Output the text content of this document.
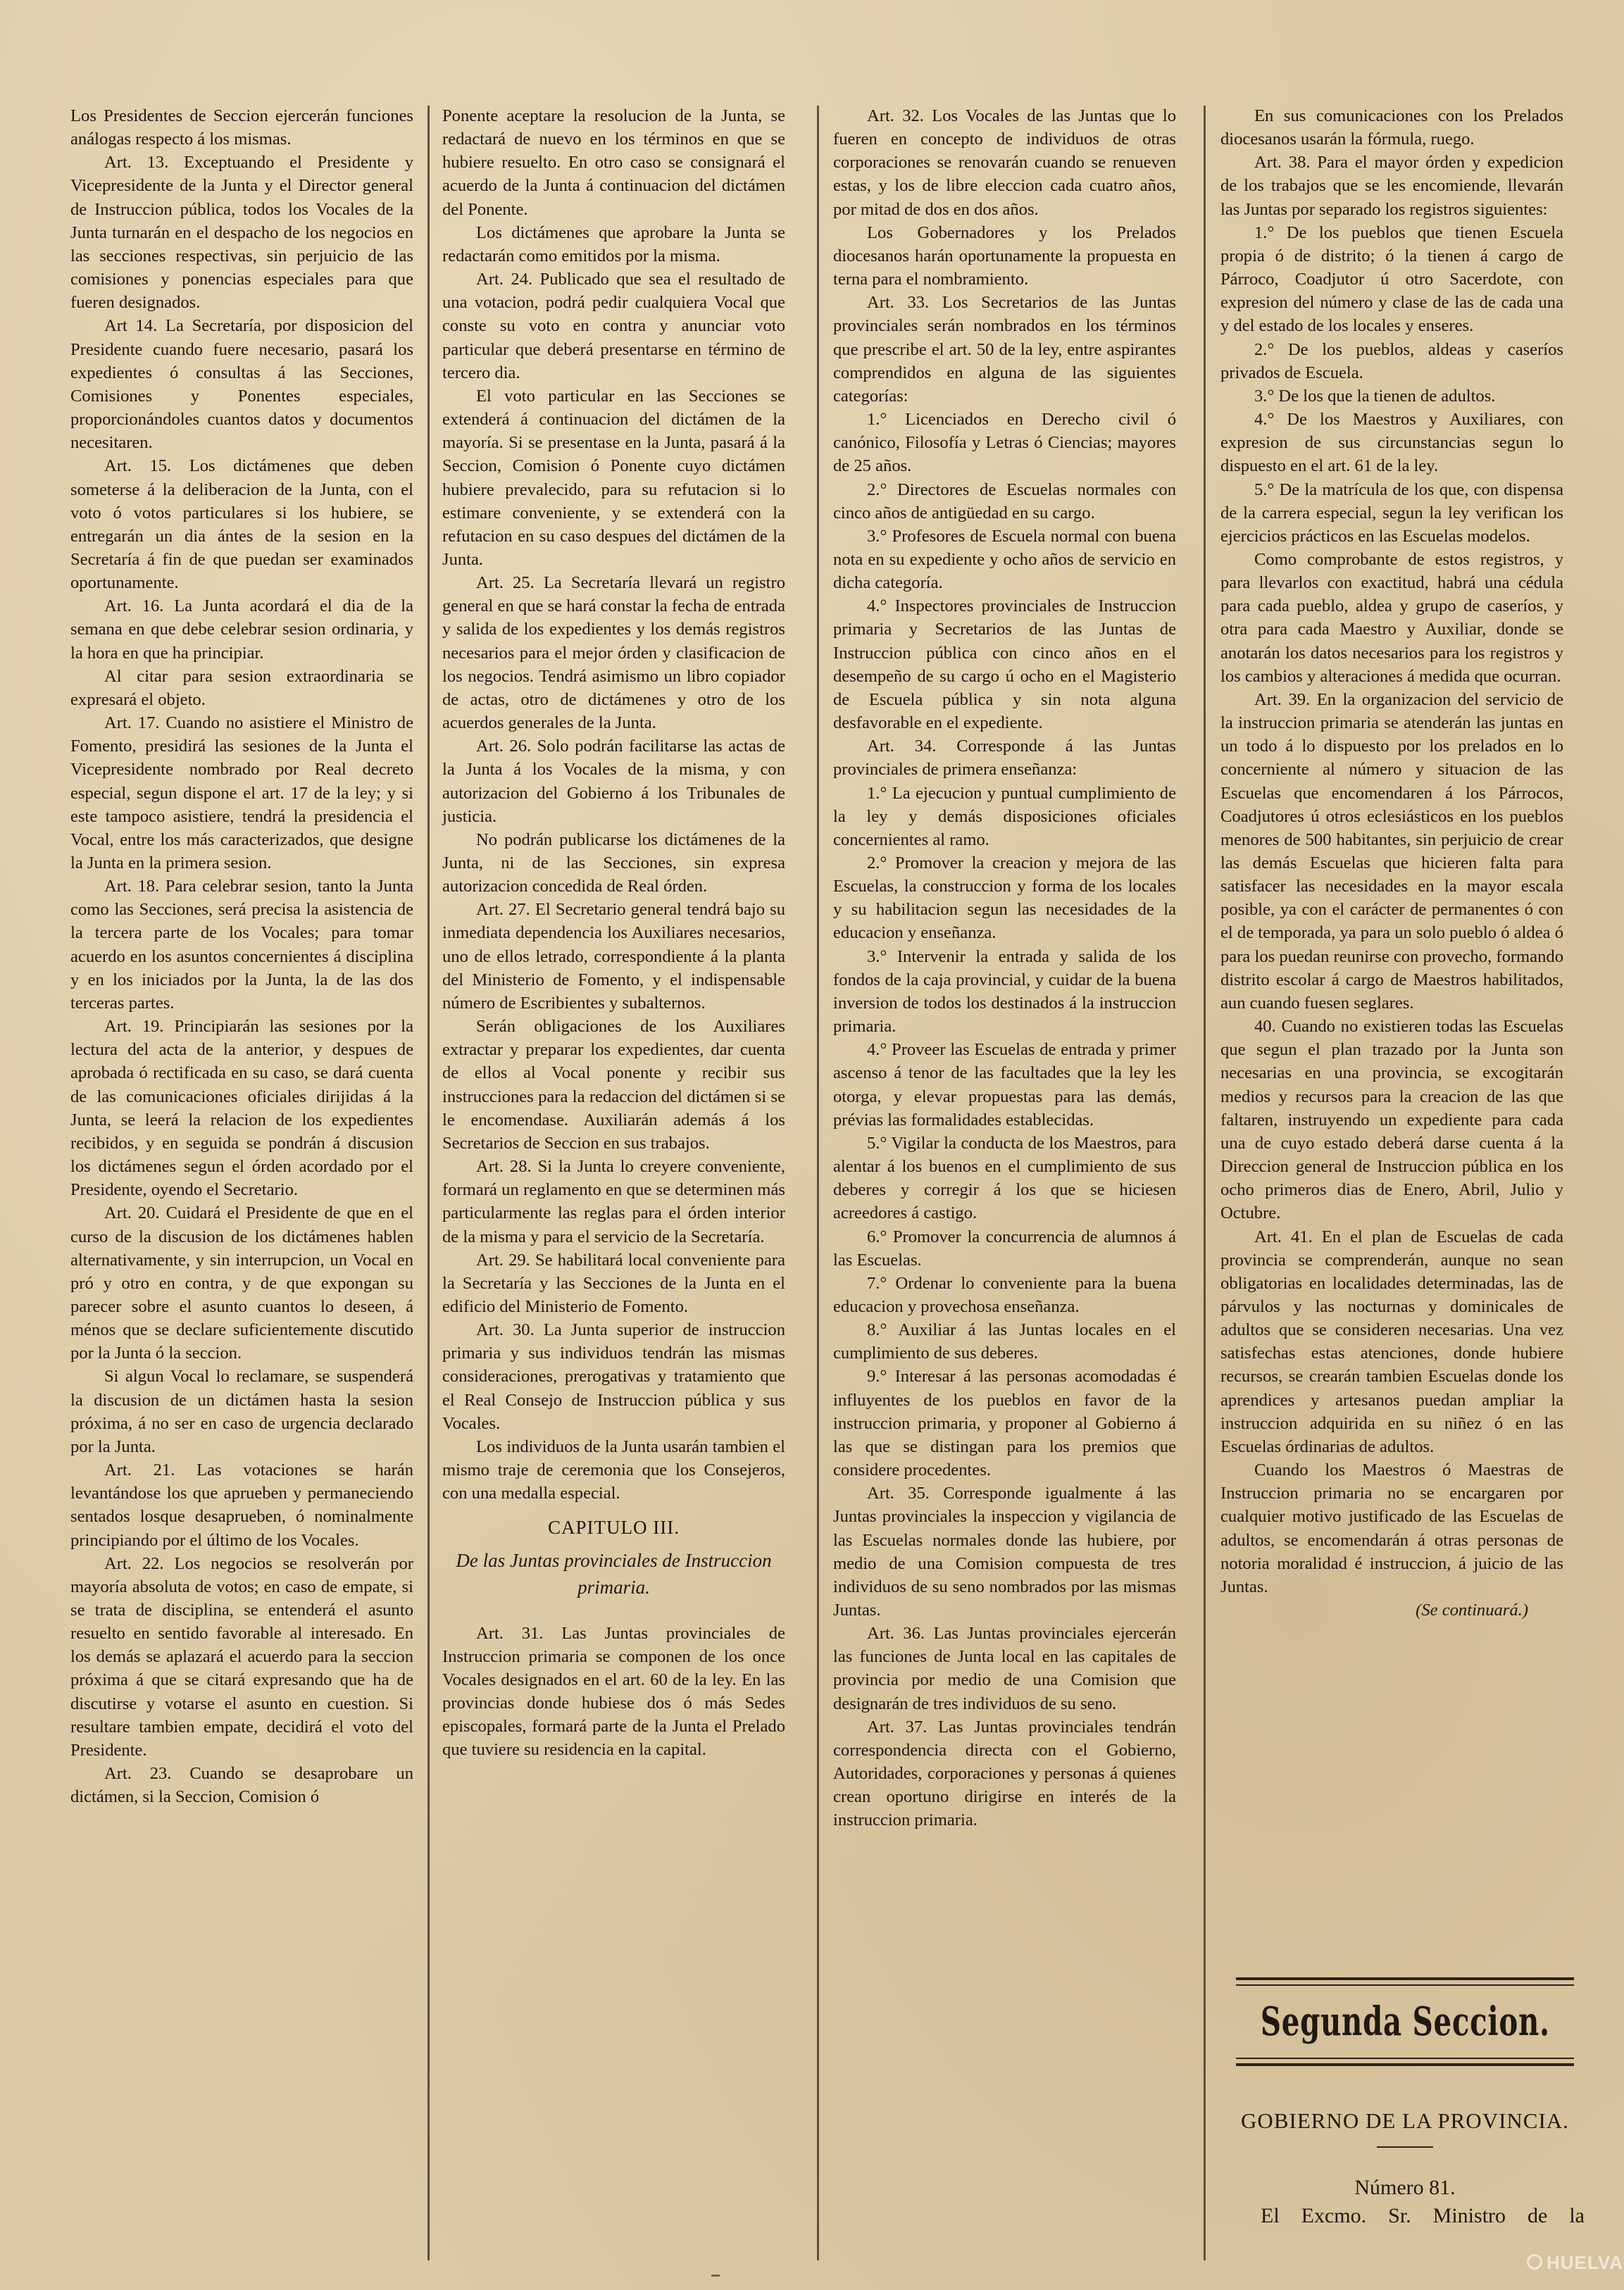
Los Presidentes de Seccion ejercerán funciones análogas respecto á los mismas.

Art. 13. Exceptuando el Presidente y Vicepresidente de la Junta y el Director general de Instruccion pública, todos los Vocales de la Junta turnarán en el despacho de los negocios en las secciones respectivas, sin perjuicio de las comisiones y ponencias especiales para que fueren designados.

Art 14. La Secretaría, por disposicion del Presidente cuando fuere necesario, pasará los expedientes ó consultas á las Secciones, Comisiones y Ponentes especiales, proporcionándoles cuantos datos y documentos necesitaren.

Art. 15. Los dictámenes que deben someterse á la deliberacion de la Junta, con el voto ó votos particulares si los hubiere, se entregarán un dia ántes de la sesion en la Secretaría á fin de que puedan ser examinados oportunamente.

Art. 16. La Junta acordará el dia de la semana en que debe celebrar sesion ordinaria, y la hora en que ha principiar.

Al citar para sesion extraordinaria se expresará el objeto.

Art. 17. Cuando no asistiere el Ministro de Fomento, presidirá las sesiones de la Junta el Vicepresidente nombrado por Real decreto especial, segun dispone el art. 17 de la ley; y si este tampoco asistiere, tendrá la presidencia el Vocal, entre los más caracterizados, que designe la Junta en la primera sesion.

Art. 18. Para celebrar sesion, tanto la Junta como las Secciones, será precisa la asistencia de la tercera parte de los Vocales; para tomar acuerdo en los asuntos concernientes á disciplina y en los iniciados por la Junta, la de las dos terceras partes.

Art. 19. Principiarán las sesiones por la lectura del acta de la anterior, y despues de aprobada ó rectificada en su caso, se dará cuenta de las comunicaciones oficiales dirijidas á la Junta, se leerá la relacion de los expedientes recibidos, y en seguida se pondrán á discusion los dictámenes segun el órden acordado por el Presidente, oyendo el Secretario.

Art. 20. Cuidará el Presidente de que en el curso de la discusion de los dictámenes hablen alternativamente, y sin interrupcion, un Vocal en pró y otro en contra, y de que expongan su parecer sobre el asunto cuantos lo deseen, á ménos que se declare suficientemente discutido por la Junta ó la seccion.

Si algun Vocal lo reclamare, se suspenderá la discusion de un dictámen hasta la sesion próxima, á no ser en caso de urgencia declarado por la Junta.

Art. 21. Las votaciones se harán levantándose los que aprueben y permaneciendo sentados losque desaprueben, ó nominalmente principiando por el último de los Vocales.

Art. 22. Los negocios se resolverán por mayoría absoluta de votos; en caso de empate, si se trata de disciplina, se entenderá el asunto resuelto en sentido favorable al interesado. En los demás se aplazará el acuerdo para la seccion próxima á que se citará expresando que ha de discutirse y votarse el asunto en cuestion. Si resultare tambien empate, decidirá el voto del Presidente.

Art. 23. Cuando se desaprobare un dictámen, si la Seccion, Comision ó

Ponente aceptare la resolucion de la Junta, se redactará de nuevo en los términos en que se hubiere resuelto. En otro caso se consignará el acuerdo de la Junta á continuacion del dictámen del Ponente.

Los dictámenes que aprobare la Junta se redactarán como emitidos por la misma.

Art. 24. Publicado que sea el resultado de una votacion, podrá pedir cualquiera Vocal que conste su voto en contra y anunciar voto particular que deberá presentarse en término de tercero dia.

El voto particular en las Secciones se extenderá á continuacion del dictámen de la mayoría. Si se presentase en la Junta, pasará á la Seccion, Comision ó Ponente cuyo dictámen hubiere prevalecido, para su refutacion si lo estimare conveniente, y se extenderá con la refutacion en su caso despues del dictámen de la Junta.

Art. 25. La Secretaría llevará un registro general en que se hará constar la fecha de entrada y salida de los expedientes y los demás registros necesarios para el mejor órden y clasificacion de los negocios. Tendrá asimismo un libro copiador de actas, otro de dictámenes y otro de los acuerdos generales de la Junta.

Art. 26. Solo podrán facilitarse las actas de la Junta á los Vocales de la misma, y con autorizacion del Gobierno á los Tribunales de justicia.

No podrán publicarse los dictámenes de la Junta, ni de las Secciones, sin expresa autorizacion concedida de Real órden.

Art. 27. El Secretario general tendrá bajo su inmediata dependencia los Auxiliares necesarios, uno de ellos letrado, correspondiente á la planta del Ministerio de Fomento, y el indispensable número de Escribientes y subalternos.

Serán obligaciones de los Auxiliares extractar y preparar los expedientes, dar cuenta de ellos al Vocal ponente y recibir sus instrucciones para la redaccion del dictámen si se le encomendase. Auxiliarán además á los Secretarios de Seccion en sus trabajos.

Art. 28. Si la Junta lo creyere conveniente, formará un reglamento en que se determinen más particularmente las reglas para el órden interior de la misma y para el servicio de la Secretaría.

Art. 29. Se habilitará local conveniente para la Secretaría y las Secciones de la Junta en el edificio del Ministerio de Fomento.

Art. 30. La Junta superior de instruccion primaria y sus individuos tendrán las mismas consideraciones, prerogativas y tratamiento que el Real Consejo de Instruccion pública y sus Vocales.

Los individuos de la Junta usarán tambien el mismo traje de ceremonia que los Consejeros, con una medalla especial.

CAPITULO III.

De las Juntas provinciales de Instruccion primaria.

Art. 31. Las Juntas provinciales de Instruccion primaria se componen de los once Vocales designados en el art. 60 de la ley. En las provincias donde hubiese dos ó más Sedes episcopales, formará parte de la Junta el Prelado que tuviere su residencia en la capital.

Art. 32. Los Vocales de las Juntas que lo fueren en concepto de individuos de otras corporaciones se renovarán cuando se renueven estas, y los de libre eleccion cada cuatro años, por mitad de dos en dos años.

Los Gobernadores y los Prelados diocesanos harán oportunamente la propuesta en terna para el nombramiento.

Art. 33. Los Secretarios de las Juntas provinciales serán nombrados en los términos que prescribe el art. 50 de la ley, entre aspirantes comprendidos en alguna de las siguientes categorías:

1.° Licenciados en Derecho civil ó canónico, Filosofía y Letras ó Ciencias; mayores de 25 años.

2.° Directores de Escuelas normales con cinco años de antigüedad en su cargo.

3.° Profesores de Escuela normal con buena nota en su expediente y ocho años de servicio en dicha categoría.

4.° Inspectores provinciales de Instruccion primaria y Secretarios de las Juntas de Instruccion pública con cinco años en el desempeño de su cargo ú ocho en el Magisterio de Escuela pública y sin nota alguna desfavorable en el expediente.

Art. 34. Corresponde á las Juntas provinciales de primera enseñanza:

1.° La ejecucion y puntual cumplimiento de la ley y demás disposiciones oficiales concernientes al ramo.

2.° Promover la creacion y mejora de las Escuelas, la construccion y forma de los locales y su habilitacion segun las necesidades de la educacion y enseñanza.

3.° Intervenir la entrada y salida de los fondos de la caja provincial, y cuidar de la buena inversion de todos los destinados á la instruccion primaria.

4.° Proveer las Escuelas de entrada y primer ascenso á tenor de las facultades que la ley les otorga, y elevar propuestas para las demás, prévias las formalidades establecidas.

5.° Vigilar la conducta de los Maestros, para alentar á los buenos en el cumplimiento de sus deberes y corregir á los que se hiciesen acreedores á castigo.

6.° Promover la concurrencia de alumnos á las Escuelas.

7.° Ordenar lo conveniente para la buena educacion y provechosa enseñanza.

8.° Auxiliar á las Juntas locales en el cumplimiento de sus deberes.

9.° Interesar á las personas acomodadas é influyentes de los pueblos en favor de la instruccion primaria, y proponer al Gobierno á las que se distingan para los premios que considere procedentes.

Art. 35. Corresponde igualmente á las Juntas provinciales la inspeccion y vigilancia de las Escuelas normales donde las hubiere, por medio de una Comision compuesta de tres individuos de su seno nombrados por las mismas Juntas.

Art. 36. Las Juntas provinciales ejercerán las funciones de Junta local en las capitales de provincia por medio de una Comision que designarán de tres individuos de su seno.

Art. 37. Las Juntas provinciales tendrán correspondencia directa con el Gobierno, Autoridades, corporaciones y personas á quienes crean oportuno dirigirse en interés de la instruccion primaria.

En sus comunicaciones con los Prelados diocesanos usarán la fórmula, ruego.

Art. 38. Para el mayor órden y expedicion de los trabajos que se les encomiende, llevarán las Juntas por separado los registros siguientes:

1.° De los pueblos que tienen Escuela propia ó de distrito; ó la tienen á cargo de Párroco, Coadjutor ú otro Sacerdote, con expresion del número y clase de las de cada una y del estado de los locales y enseres.

2.° De los pueblos, aldeas y caseríos privados de Escuela.

3.° De los que la tienen de adultos.

4.° De los Maestros y Auxiliares, con expresion de sus circunstancias segun lo dispuesto en el art. 61 de la ley.

5.° De la matrícula de los que, con dispensa de la carrera especial, segun la ley verifican los ejercicios prácticos en las Escuelas modelos.

Como comprobante de estos registros, y para llevarlos con exactitud, habrá una cédula para cada pueblo, aldea y grupo de caseríos, y otra para cada Maestro y Auxiliar, donde se anotarán los datos necesarios para los registros y los cambios y alteraciones á medida que ocurran.

Art. 39. En la organizacion del servicio de la instruccion primaria se atenderán las juntas en un todo á lo dispuesto por los prelados en lo concerniente al número y situacion de las Escuelas que encomendaren á los Párrocos, Coadjutores ú otros eclesiásticos en los pueblos menores de 500 habitantes, sin perjuicio de crear las demás Escuelas que hicieren falta para satisfacer las necesidades en la mayor escala posible, ya con el carácter de permanentes ó con el de temporada, ya para un solo pueblo ó aldea ó para los puedan reunirse con provecho, formando distrito escolar á cargo de Maestros habilitados, aun cuando fuesen seglares.

40. Cuando no existieren todas las Escuelas que segun el plan trazado por la Junta son necesarias en una provincia, se excogitarán medios y recursos para la creacion de las que faltaren, instruyendo un expediente para cada una de cuyo estado deberá darse cuenta á la Direccion general de Instruccion pública en los ocho primeros dias de Enero, Abril, Julio y Octubre.

Art. 41. En el plan de Escuelas de cada provincia se comprenderán, aunque no sean obligatorias en localidades determinadas, las de párvulos y las nocturnas y dominicales de adultos que se consideren necesarias. Una vez satisfechas estas atenciones, donde hubiere recursos, se crearán tambien Escuelas donde los aprendices y artesanos puedan ampliar la instruccion adquirida en su niñez ó en las Escuelas órdinarias de adultos.

Cuando los Maestros ó Maestras de Instruccion primaria no se encargaren por cualquier motivo justificado de las Escuelas de adultos, se encomendarán á otras personas de notoria moralidad é instruccion, á juicio de las Juntas.

(Se continuará.)

Segunda Seccion.
GOBIERNO DE LA PROVINCIA.
Número 81.
El Excmo. Sr. Ministro de la
HUELVA
